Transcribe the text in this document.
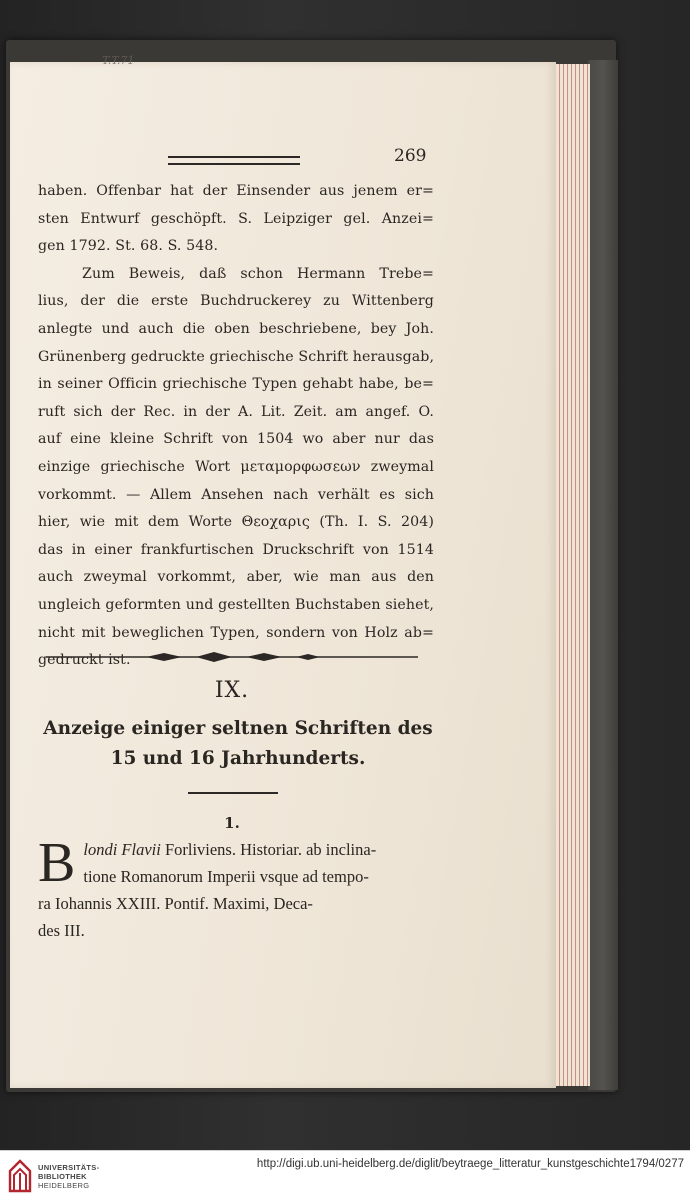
T.T.71
269
haben. Offenbar hat der Einsender aus jenem er=
sten Entwurf geschöpft. S. Leipziger gel. Anzei=
gen 1792. St. 68. S. 548.
Zum Beweis, daß schon Hermann Trebe=
lius, der die erste Buchdruckerey zu Wittenberg
anlegte und auch die oben beschriebene, bey Joh.
Grünenberg gedruckte griechische Schrift herausgab,
in seiner Officin griechische Typen gehabt habe, be=
ruft sich der Rec. in der A. Lit. Zeit. am angef. O.
auf eine kleine Schrift von 1504 wo aber nur das
einzige griechische Wort μεταμορφωσεων zweymal
vorkommt. — Allem Ansehen nach verhält es sich
hier, wie mit dem Worte Θεοχαρις (Th. I. S. 204)
das in einer frankfurtischen Druckschrift von 1514
auch zweymal vorkommt, aber, wie man aus den
ungleich geformten und gestellten Buchstaben siehet,
nicht mit beweglichen Typen, sondern von Holz ab=
gedruckt ist.
IX.
Anzeige einiger seltnen Schriften des
15 und 16 Jahrhunderts.
1.
B londi Flavii Forliviens. Historiar. ab inclina-
tione Romanorum Imperii vsque ad tempo-
ra Iohannis XXIII. Pontif. Maximi, Deca-
des III.
UNIVERSITÄTS-
BIBLIOTHEK
HEIDELBERG
http://digi.ub.uni-heidelberg.de/diglit/beytraege_litteratur_kunstgeschichte1794/0277
